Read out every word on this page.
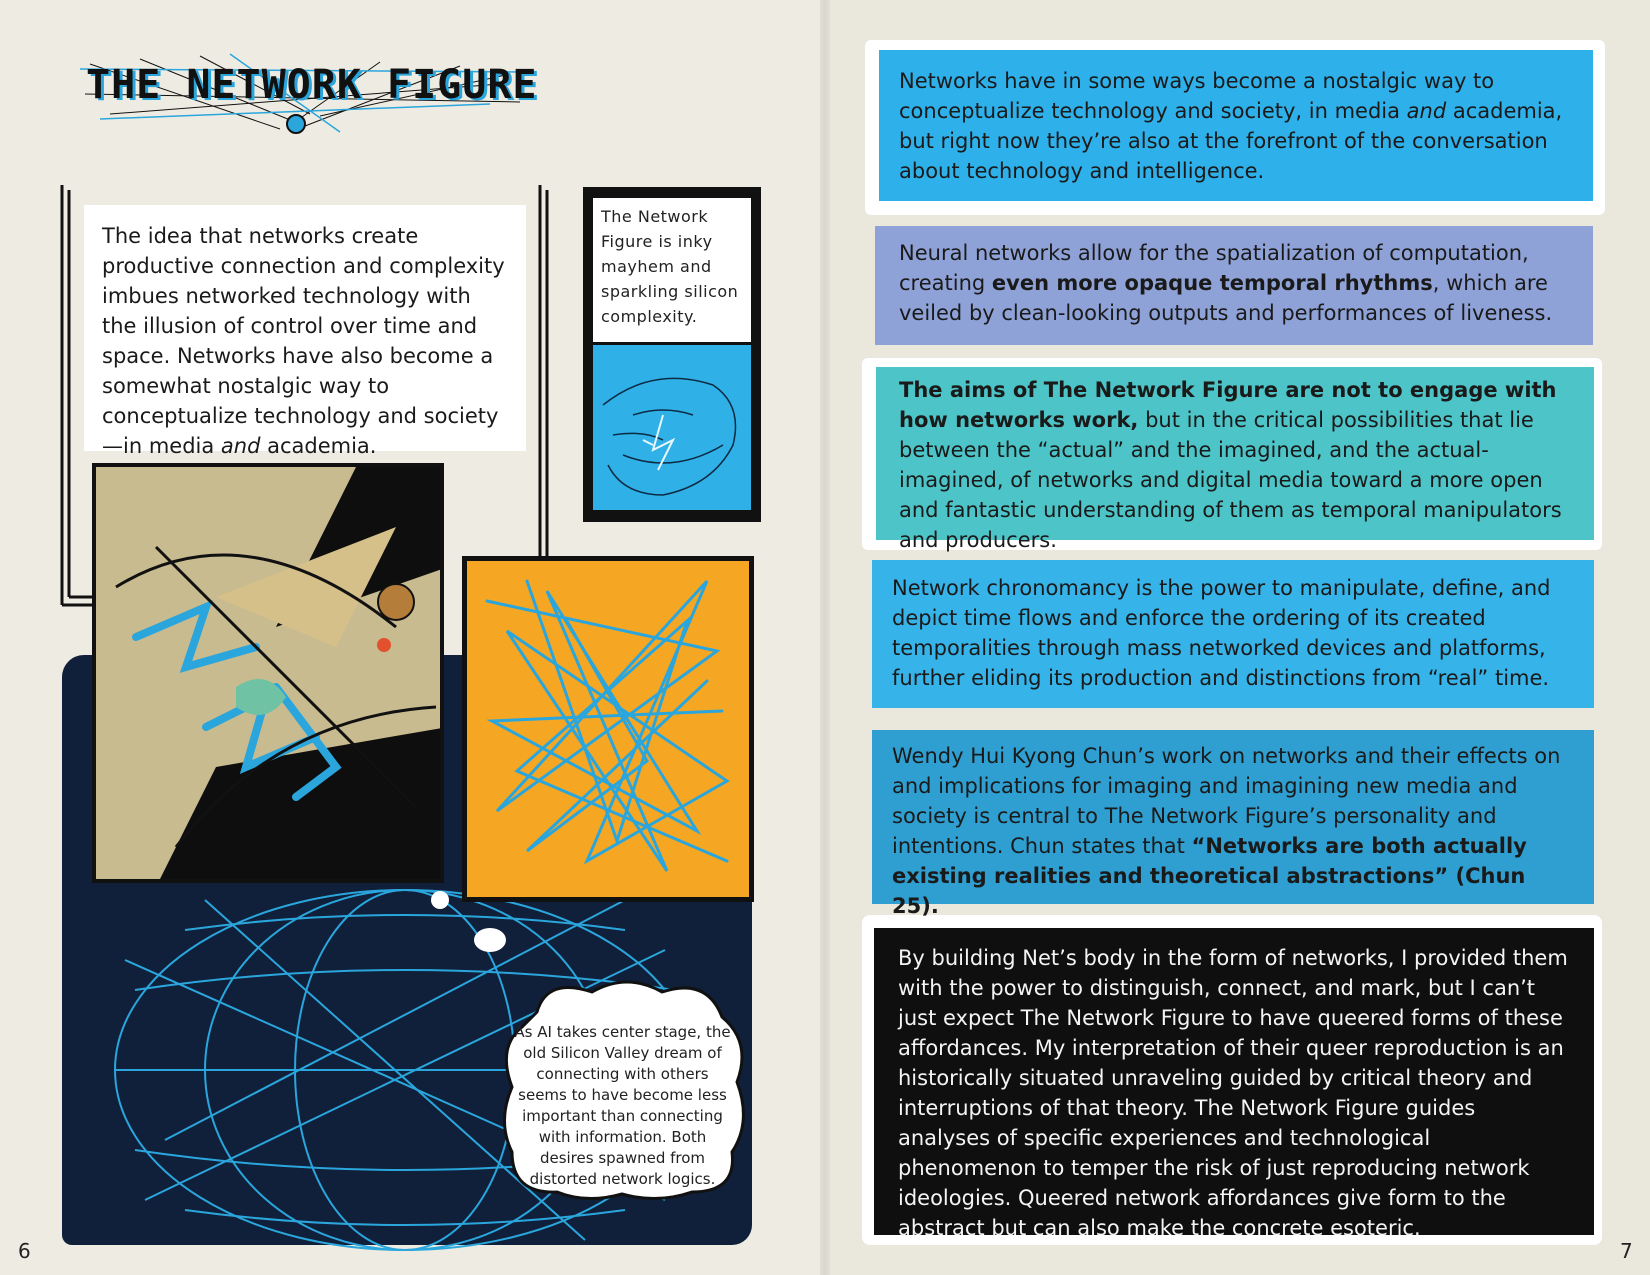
THE NETWORK FIGURE
The idea that networks create productive connection and complexity imbues networked technology with the illusion of control over time and space. Networks have also become a somewhat nostalgic way to conceptualize technology and society—in media and academia.
The Network Figure is inky mayhem and sparkling silicon complexity.
As AI takes center stage, the old Silicon Valley dream of connecting with others seems to have become less important than connecting with information. Both desires spawned from distorted network logics.
6
Networks have in some ways become a nostalgic way to conceptualize technology and society, in media and academia, but right now they’re also at the forefront of the conversation about technology and intelligence.
Neural networks allow for the spatialization of computation, creating even more opaque temporal rhythms, which are veiled by clean-looking outputs and performances of liveness.
The aims of The Network Figure are not to engage with how networks work, but in the critical possibilities that lie between the “actual” and the imagined, and the actual-imagined, of networks and digital media toward a more open and fantastic understanding of them as temporal manipulators and producers.
Network chronomancy is the power to manipulate, define, and depict time flows and enforce the ordering of its created temporalities through mass networked devices and platforms, further eliding its production and distinctions from “real” time.
Wendy Hui Kyong Chun’s work on networks and their effects on and implications for imaging and imagining new media and society is central to The Network Figure’s personality and intentions. Chun states that “Networks are both actually existing realities and theoretical abstractions” (Chun 25).
By building Net’s body in the form of networks, I provided them with the power to distinguish, connect, and mark, but I can’t just expect The Network Figure to have queered forms of these affordances. My interpretation of their queer reproduction is an historically situated unraveling guided by critical theory and interruptions of that theory. The Network Figure guides analyses of specific experiences and technological phenomenon to temper the risk of just reproducing network ideologies. Queered network affordances give form to the abstract but can also make the concrete esoteric.
7
